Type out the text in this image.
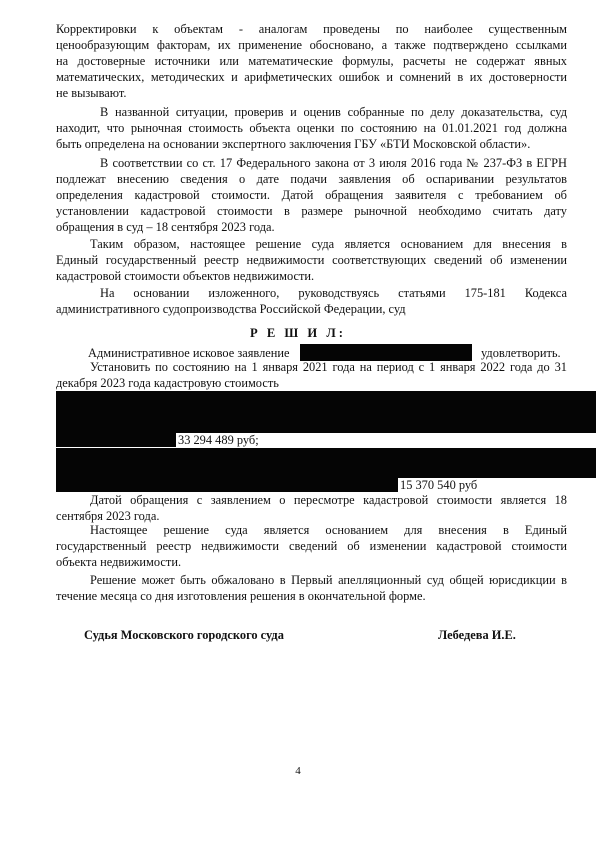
Корректировки к объектам - аналогам проведены по наиболее существенным
ценообразующим факторам, их применение обосновано, а также подтверждено ссылками
на достоверные источники или математические формулы, расчеты не содержат явных
математических, методических и арифметических ошибок и сомнений в их достоверности
не вызывают.
В названной ситуации, проверив и оценив собранные по делу доказательства, суд
находит, что рыночная стоимость объекта оценки по состоянию на 01.01.2021 год должна
быть определена на основании экспертного заключения ГБУ «БТИ Московской области».
В соответствии со ст. 17 Федерального закона от 3 июля 2016 года № 237-ФЗ в ЕГРН
подлежат внесению сведения о дате подачи заявления об оспаривании результатов
определения кадастровой стоимости. Датой обращения заявителя с требованием об
установлении кадастровой стоимости в размере рыночной необходимо считать дату
обращения в суд – 18 сентября 2023 года.
Таким образом, настоящее решение суда является основанием для внесения в
Единый государственный реестр недвижимости соответствующих сведений об изменении
кадастровой стоимости объектов недвижимости.
На основании изложенного, руководствуясь статьями 175-181 Кодекса
административного судопроизводства Российской Федерации, суд
Р Е Ш И Л:
Административное исковое заявление	удовлетворить.
Установить по состоянию на 1 января 2021 года на период с 1 января 2022 года до 31
декабря 2023 года кадастровую стоимость
33 294 489 руб;
15 370 540 руб
Датой обращения с заявлением о пересмотре кадастровой стоимости является 18
сентября 2023 года.
Настоящее решение суда является основанием для внесения в Единый
государственный реестр недвижимости сведений об изменении кадастровой стоимости
объекта недвижимости.
Решение может быть обжаловано в Первый апелляционный суд общей юрисдикции в
течение месяца со дня изготовления решения в окончательной форме.
Судья Московского городского суда	Лебедева И.Е.
4
